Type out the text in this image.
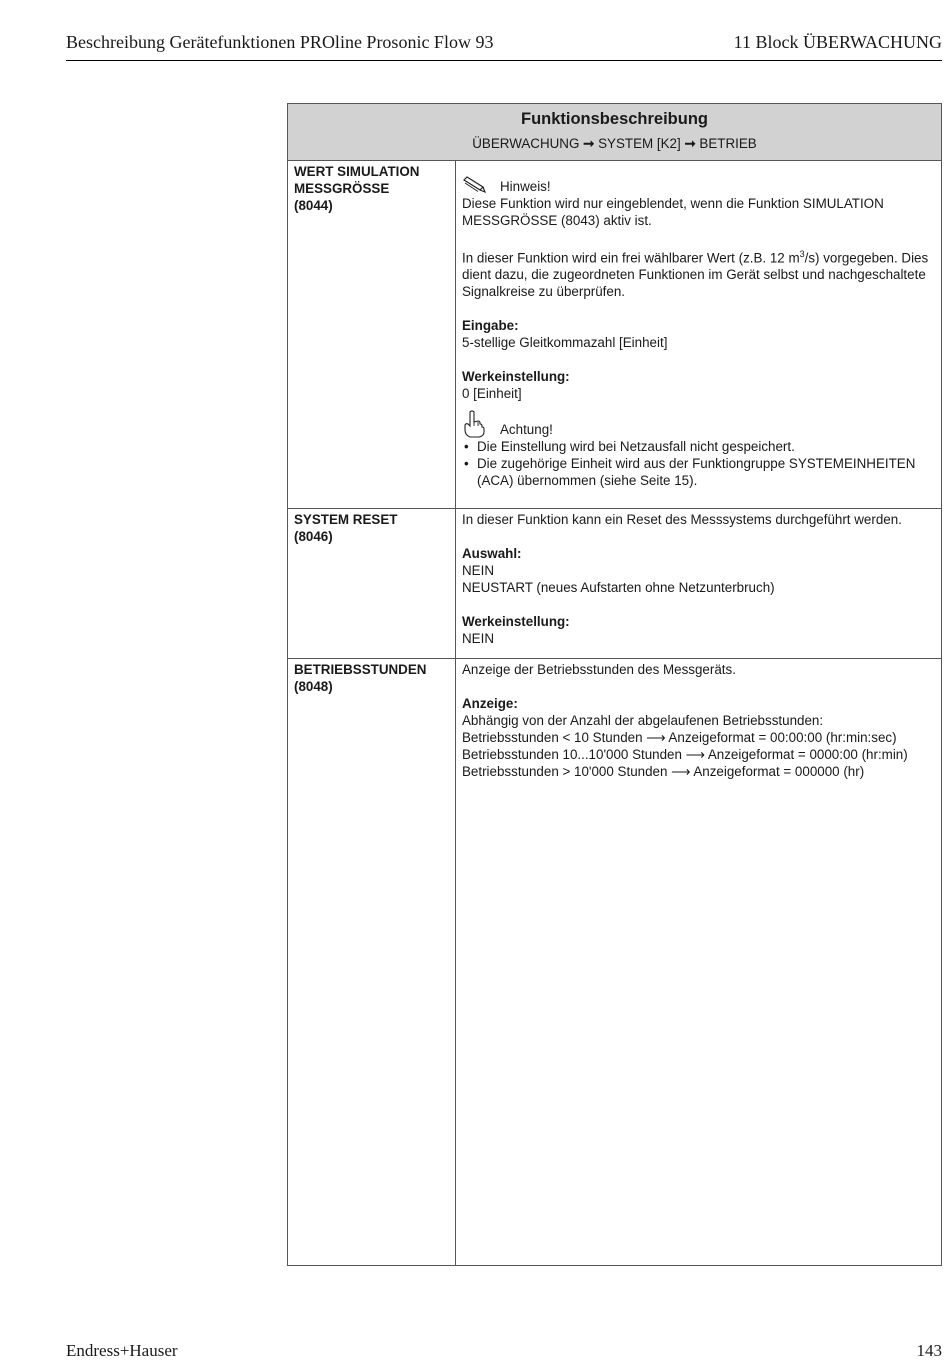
Beschreibung Gerätefunktionen PROline Prosonic Flow 93	11 Block ÜBERWACHUNG
Funktionsbeschreibung
ÜBERWACHUNG ➞ SYSTEM [K2] ➞ BETRIEB
WERT SIMULATION
MESSGRÖSSE
(8044)
Hinweis!
Diese Funktion wird nur eingeblendet, wenn die Funktion SIMULATION MESSGRÖSSE (8043) aktiv ist.
In dieser Funktion wird ein frei wählbarer Wert (z.B. 12 $m^3/s$) vorgegeben. Dies dient dazu, die zugeordneten Funktionen im Gerät selbst und nachgeschaltete Signalkreise zu überprüfen.
Eingabe:
5-stellige Gleitkommazahl [Einheit]
Werkeinstellung:
0 [Einheit]
Achtung!
• Die Einstellung wird bei Netzausfall nicht gespeichert.
• Die zugehörige Einheit wird aus der Funktiongruppe SYSTEMEINHEITEN (ACA) übernommen (siehe Seite 15).
SYSTEM RESET
(8046)
In dieser Funktion kann ein Reset des Messsystems durchgeführt werden.
Auswahl:
NEIN
NEUSTART (neues Aufstarten ohne Netzunterbruch)
Werkeinstellung:
NEIN
BETRIEBSSTUNDEN
(8048)
Anzeige der Betriebsstunden des Messgeräts.
Anzeige:
Abhängig von der Anzahl der abgelaufenen Betriebsstunden:
Betriebsstunden < 10 Stunden ⟶ Anzeigeformat = 00:00:00 (hr:min:sec)
Betriebsstunden 10...10'000 Stunden ⟶ Anzeigeformat = 0000:00 (hr:min)
Betriebsstunden > 10'000 Stunden ⟶ Anzeigeformat = 000000 (hr)
Endress+Hauser	143
